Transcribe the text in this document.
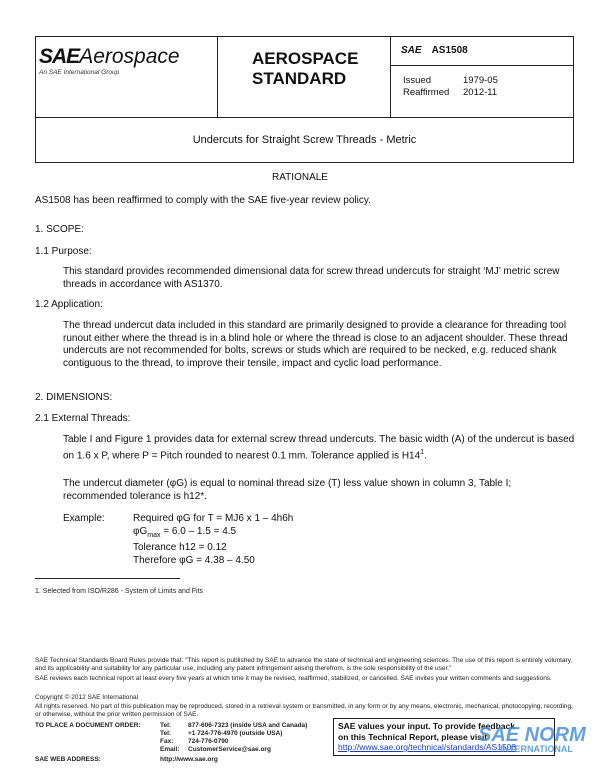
SAEAerospace
An SAE International Group
AEROSPACE
STANDARD
SAE AS1508
Issued	1979-05
Reaffirmed 2012-11
Undercuts for Straight Screw Threads - Metric
RATIONALE
AS1508 has been reaffirmed to comply with the SAE five-year review policy.
1. SCOPE:
1.1 Purpose:
This standard provides recommended dimensional data for screw thread undercuts for straight ‘MJ’ metric screw threads in accordance with AS1370.
1.2 Application:
The thread undercut data included in this standard are primarily designed to provide a clearance for threading tool runout either where the thread is in a blind hole or where the thread is close to an adjacent shoulder. These thread undercuts are not recommended for bolts, screws or studs which are required to be necked, e.g. reduced shank contiguous to the thread, to improve their tensile, impact and cyclic load performance.
2. DIMENSIONS:
2.1 External Threads:
Table I and Figure 1 provides data for external screw thread undercuts. The basic width (A) of the undercut is based on 1.6 x P, where P = Pitch rounded to nearest 0.1 mm. Tolerance applied is $H14^1$.
The undercut diameter (φG) is equal to nominal thread size (T) less value shown in column 3, Table I; recommended tolerance is h12*.
Example:	Required φG for T = MJ6 x 1 – 4h6h
$\varphi G_{max} = 6.0 - 1.5 = 4.5$
Tolerance h12 = 0.12
Therefore φG = 4.38 – 4.50
1. Selected from ISO/R286 - System of Limits and Fits
SAE Technical Standards Board Rules provide that: “This report is published by SAE to advance the state of technical and engineering sciences. The use of this report is entirely voluntary, and its applicability and suitability for any particular use, including any patent infringement arising therefrom, is the sole responsibility of the user.”
SAE reviews each technical report at least every five years at which time it may be revised, reaffirmed, stabilized, or cancelled. SAE invites your written comments and suggestions.
Copyright © 2012 SAE International
All rights reserved. No part of this publication may be reproduced, stored in a retrieval system or transmitted, in any form or by any means, electronic, mechanical, photocopying, recording, or otherwise, without the prior written permission of SAE.
TO PLACE A DOCUMENT ORDER:	Tel:	877-606-7323 (inside USA and Canada)
Tel:	+1 724-776-4970 (outside USA)
Fax: 724-776-0790
Email: CustomerService@sae.org
SAE WEB ADDRESS:	http://www.sae.org
SAE values your input. To provide feedback
on this Technical Report, please visit
http://www.sae.org/technical/standards/AS1508
SAE NORM
INTERNATIONAL
